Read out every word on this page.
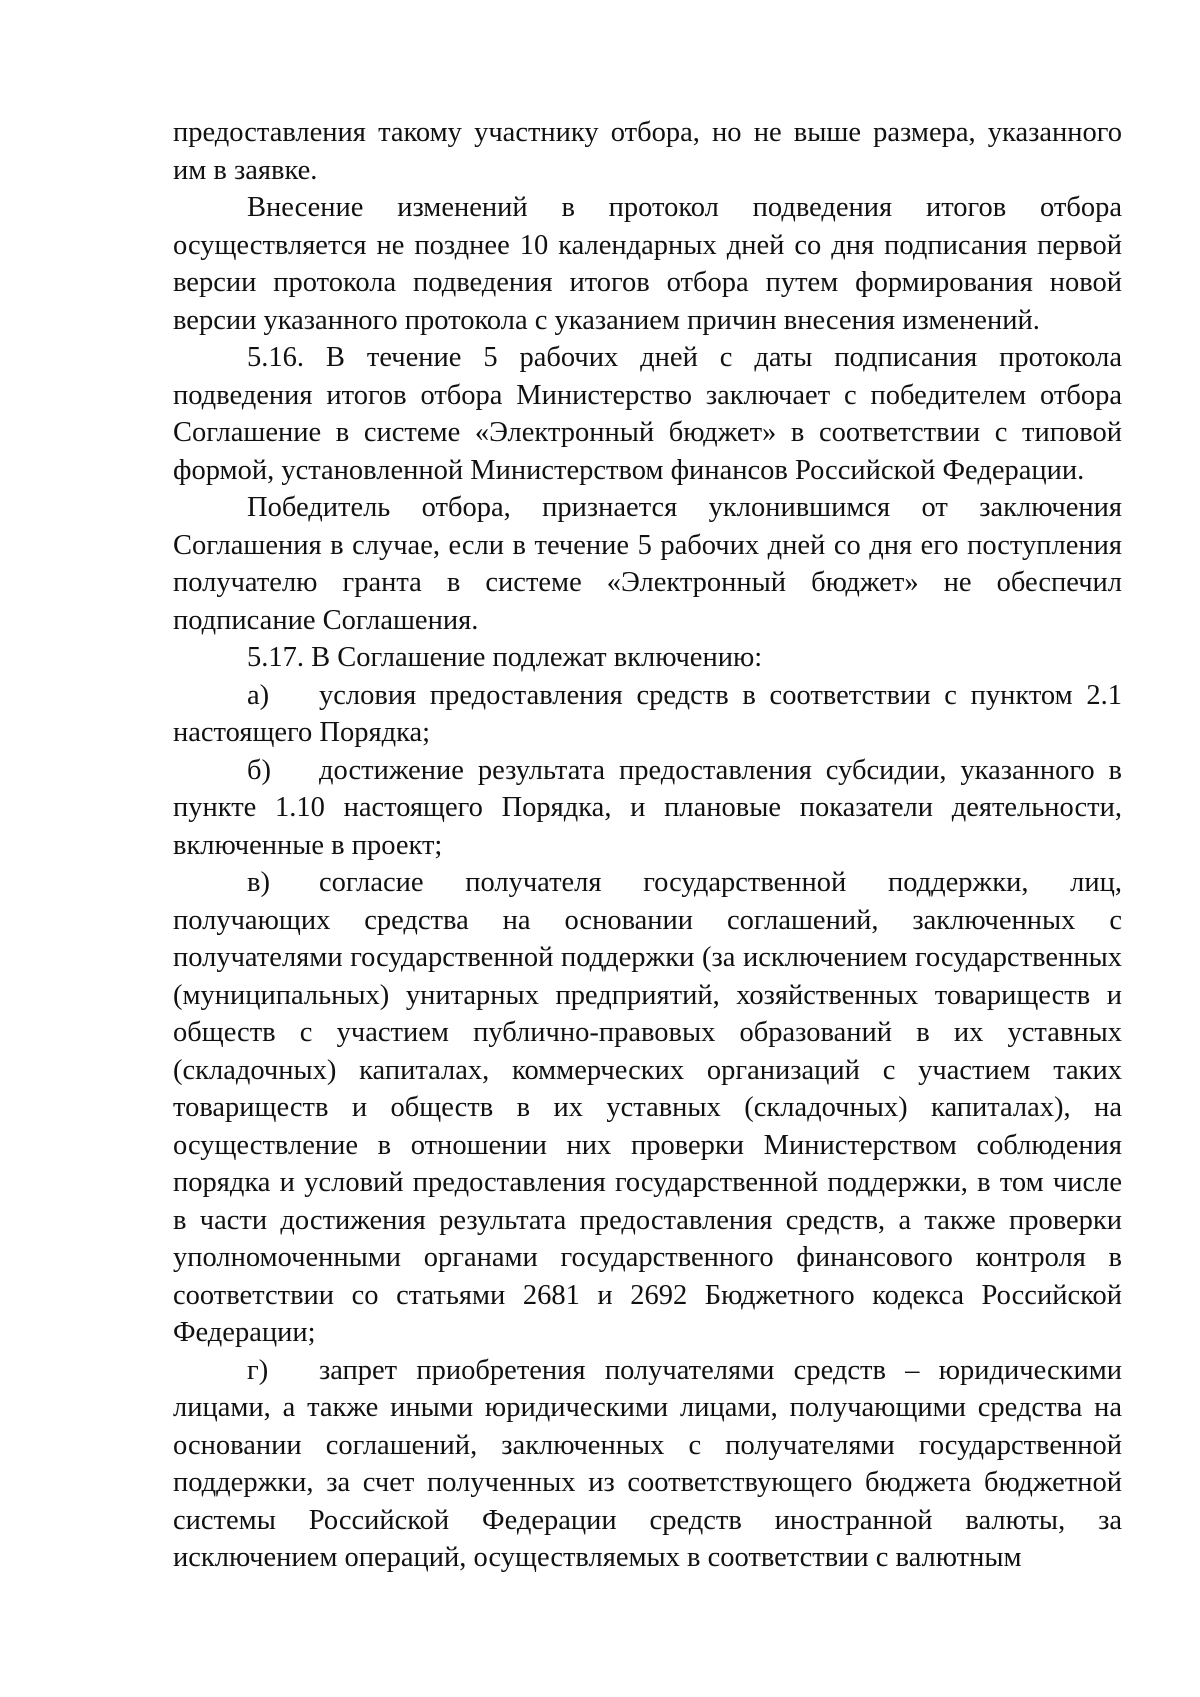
предоставления такому участнику отбора, но не выше размера, указанного им в заявке.

Внесение изменений в протокол подведения итогов отбора осуществляется не позднее 10 календарных дней со дня подписания первой версии протокола подведения итогов отбора путем формирования новой версии указанного протокола с указанием причин внесения изменений.

5.16. В течение 5 рабочих дней с даты подписания протокола подведения итогов отбора Министерство заключает с победителем отбора Соглашение в системе «Электронный бюджет» в соответствии с типовой формой, установленной Министерством финансов Российской Федерации.

Победитель отбора, признается уклонившимся от заключения Соглашения в случае, если в течение 5 рабочих дней со дня его поступления получателю гранта в системе «Электронный бюджет» не обеспечил подписание Соглашения.

5.17. В Соглашение подлежат включению:

а) условия предоставления средств в соответствии с пунктом 2.1 настоящего Порядка;

б) достижение результата предоставления субсидии, указанного в пункте 1.10 настоящего Порядка, и плановые показатели деятельности, включенные в проект;

в) согласие получателя государственной поддержки, лиц, получающих средства на основании соглашений, заключенных с получателями государственной поддержки (за исключением государственных (муниципальных) унитарных предприятий, хозяйственных товариществ и обществ с участием публично-правовых образований в их уставных (складочных) капиталах, коммерческих организаций с участием таких товариществ и обществ в их уставных (складочных) капиталах), на осуществление в отношении них проверки Министерством соблюдения порядка и условий предоставления государственной поддержки, в том числе в части достижения результата предоставления средств, а также проверки уполномоченными органами государственного финансового контроля в соответствии со статьями 2681 и 2692 Бюджетного кодекса Российской Федерации;

г) запрет приобретения получателями средств – юридическими лицами, а также иными юридическими лицами, получающими средства на основании соглашений, заключенных с получателями государственной поддержки, за счет полученных из соответствующего бюджета бюджетной системы Российской Федерации средств иностранной валюты, за исключением операций, осуществляемых в соответствии с валютным
